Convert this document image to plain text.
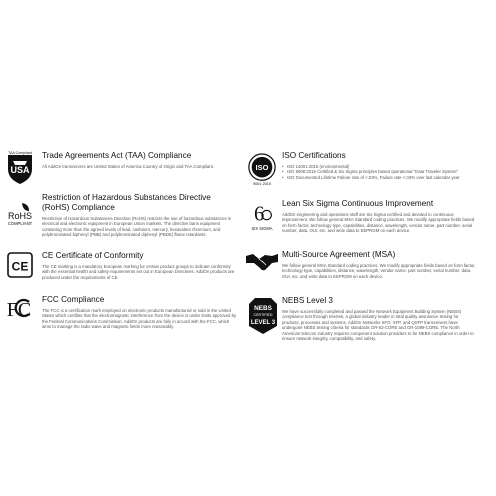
TAA Compliant
USA
Trade Agreements Act (TAA) Compliance
All AddOn transceivers are United States of America Country of Origin and TAA Compliant.
RoHS
COMPLIANT
Restriction of Hazardous Substances Directive (RoHS) Compliance
Restriction of Hazardous Substances Directive (RoHS) restricts the use of hazardous substances in electrical and electronic equipment in European Union markets. The directive bans equipment containing more than the agreed levels of lead, cadmium, mercury, hexavalent chromium, and polybrominated biphenyl (PBB) and polybrominated diphenyl (PBDE) flame retardants.
CE
CE Certificate of Conformity
The CE marking is a mandatory European marking for certain product groups to indicate conformity with the essential health and safety requirements set out in European Directives. AddOn products are produced under the requirements of CE.
FC FCC Compliance
The FCC is a certification mark employed on electronic products manufactured or sold in the United States which certifies that the electromagnetic interference from the device is under limits approved by the Federal Communications Commission. AddOn products are fully in accord with the FCC, which aims to manage the radio wave and magnetic fields more reasonably.
ISO
9001 2015
ISO Certifications
• ISO 14001:2015 (environmental)
• ISO 9008:2015 Certified & Six Sigma principles based operational "Data Traveler System"
• ISO Documented Lifetime Failure rate of <.03%, Failure rate <.03% over last calendar year
6
SIX SIGMA
Lean Six Sigma Continuous Improvement
AddOn engineering and operations staff are Six Sigma certified and devoted to continuous improvement. We follow general MSA Standard coding practices. We modify appropriate fields based on form factor, technology type, capabilities, distance, wavelength, vendor name, part number, serial number, data, OUI, etc. and write data to EEPROM on each device.
Multi-Source Agreement (MSA)
We follow general MSA Standard coding practices. We modify appropriate fields based on form factor, technology type, capabilities, distance, wavelength, vendor name, part number, serial number, data, OUI, etc. and write data to EEPROM on each device.
NEBS
CERTIFIED
LEVEL 3
NEBS Level 3
We have successfully completed and passed the Network Equipment Building System (NEBS) compliance test through Intertek, a global industry leader in total quality assurance testing for products, processes and systems. AddOn Networks SFO, XFP, and QSFP transceivers have undergone NEBS testing criteria for standards GR-63-CORE and GR-1089-CORE. The North American telecom industry requires component solution providers to be NEBS compliance in order to ensure network integrity, compatibility, and safety.
